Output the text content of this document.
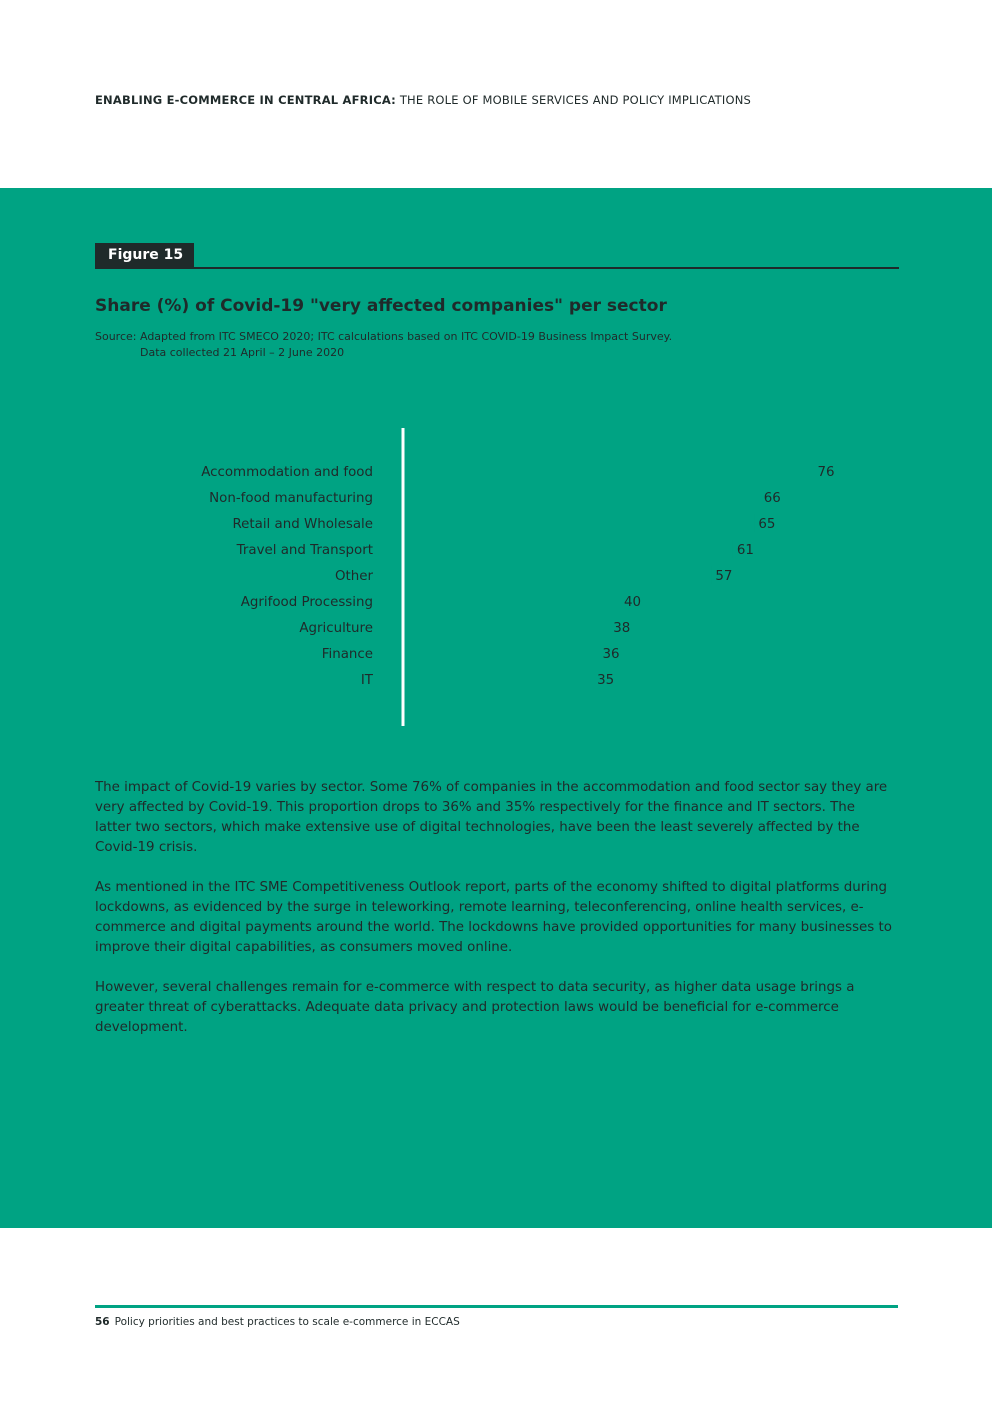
ENABLING E-COMMERCE IN CENTRAL AFRICA: THE ROLE OF MOBILE SERVICES AND POLICY IMPLICATIONS
Figure 15
Share (%) of Covid-19 "very affected companies" per sector
Source: Adapted from ITC SMECO 2020; ITC calculations based on ITC COVID-19 Business Impact Survey.
Data collected 21 April – 2 June 2020
Accommodation and food	76
Non-food manufacturing	66
Retail and Wholesale	65
Travel and Transport	61
Other	57
Agrifood Processing	40
Agriculture	38
Finance	36
IT	35

The impact of Covid-19 varies by sector. Some 76% of companies in the accommodation and food sector say they are very affected by Covid-19. This proportion drops to 36% and 35% respectively for the finance and IT sectors. The latter two sectors, which make extensive use of digital technologies, have been the least severely affected by the Covid-19 crisis.

As mentioned in the ITC SME Competitiveness Outlook report, parts of the economy shifted to digital platforms during lockdowns, as evidenced by the surge in teleworking, remote learning, teleconferencing, online health services, e-commerce and digital payments around the world. The lockdowns have provided opportunities for many businesses to improve their digital capabilities, as consumers moved online.

However, several challenges remain for e-commerce with respect to data security, as higher data usage brings a greater threat of cyberattacks. Adequate data privacy and protection laws would be beneficial for e-commerce development.

56 Policy priorities and best practices to scale e-commerce in ECCAS
